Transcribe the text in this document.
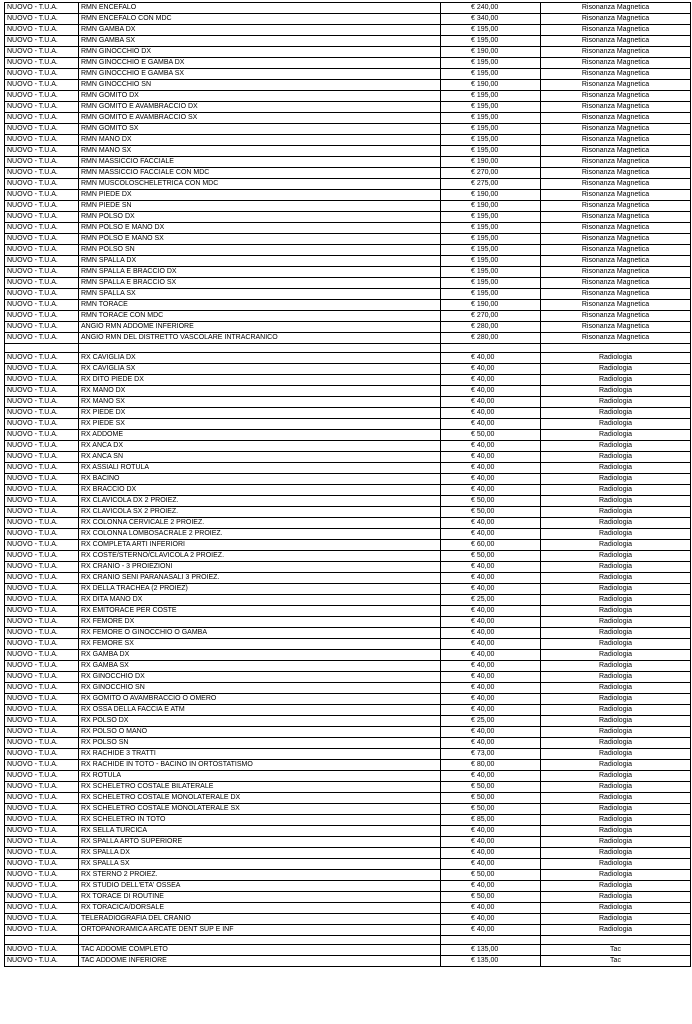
NUOVO - T.U.A.	RMN ENCEFALO	€ 240,00	Risonanza Magnetica
NUOVO - T.U.A.	RMN ENCEFALO CON MDC	€ 340,00	Risonanza Magnetica
NUOVO - T.U.A.	RMN GAMBA DX	€ 195,00	Risonanza Magnetica
NUOVO - T.U.A.	RMN GAMBA SX	€ 195,00	Risonanza Magnetica
NUOVO - T.U.A.	RMN GINOCCHIO DX	€ 190,00	Risonanza Magnetica
NUOVO - T.U.A.	RMN GINOCCHIO E GAMBA DX	€ 195,00	Risonanza Magnetica
NUOVO - T.U.A.	RMN GINOCCHIO E GAMBA SX	€ 195,00	Risonanza Magnetica
NUOVO - T.U.A.	RMN GINOCCHIO SN	€ 190,00	Risonanza Magnetica
NUOVO - T.U.A.	RMN GOMITO DX	€ 195,00	Risonanza Magnetica
NUOVO - T.U.A.	RMN GOMITO E AVAMBRACCIO DX	€ 195,00	Risonanza Magnetica
NUOVO - T.U.A.	RMN GOMITO E AVAMBRACCIO SX	€ 195,00	Risonanza Magnetica
NUOVO - T.U.A.	RMN GOMITO SX	€ 195,00	Risonanza Magnetica
NUOVO - T.U.A.	RMN MANO DX	€ 195,00	Risonanza Magnetica
NUOVO - T.U.A.	RMN MANO SX	€ 195,00	Risonanza Magnetica
NUOVO - T.U.A.	RMN MASSICCIO FACCIALE	€ 190,00	Risonanza Magnetica
NUOVO - T.U.A.	RMN MASSICCIO FACCIALE CON MDC	€ 270,00	Risonanza Magnetica
NUOVO - T.U.A.	RMN MUSCOLOSCHELETRICA CON MDC	€ 275,00	Risonanza Magnetica
NUOVO - T.U.A.	RMN PIEDE DX	€ 190,00	Risonanza Magnetica
NUOVO - T.U.A.	RMN PIEDE SN	€ 190,00	Risonanza Magnetica
NUOVO - T.U.A.	RMN POLSO DX	€ 195,00	Risonanza Magnetica
NUOVO - T.U.A.	RMN POLSO E MANO DX	€ 195,00	Risonanza Magnetica
NUOVO - T.U.A.	RMN POLSO E MANO SX	€ 195,00	Risonanza Magnetica
NUOVO - T.U.A.	RMN POLSO SN	€ 195,00	Risonanza Magnetica
NUOVO - T.U.A.	RMN SPALLA DX	€ 195,00	Risonanza Magnetica
NUOVO - T.U.A.	RMN SPALLA E BRACCIO DX	€ 195,00	Risonanza Magnetica
NUOVO - T.U.A.	RMN SPALLA E BRACCIO SX	€ 195,00	Risonanza Magnetica
NUOVO - T.U.A.	RMN SPALLA SX	€ 195,00	Risonanza Magnetica
NUOVO - T.U.A.	RMN TORACE	€ 190,00	Risonanza Magnetica
NUOVO - T.U.A.	RMN TORACE CON MDC	€ 270,00	Risonanza Magnetica
NUOVO - T.U.A.	ANGIO RMN ADDOME INFERIORE	€ 280,00	Risonanza Magnetica
NUOVO - T.U.A.	ANGIO RMN DEL DISTRETTO VASCOLARE INTRACRANICO	€ 280,00	Risonanza Magnetica

NUOVO - T.U.A.	RX CAVIGLIA DX	€ 40,00	Radiologia
NUOVO - T.U.A.	RX CAVIGLIA SX	€ 40,00	Radiologia
NUOVO - T.U.A.	RX DITO PIEDE DX	€ 40,00	Radiologia
NUOVO - T.U.A.	RX MANO DX	€ 40,00	Radiologia
NUOVO - T.U.A.	RX MANO SX	€ 40,00	Radiologia
NUOVO - T.U.A.	RX PIEDE DX	€ 40,00	Radiologia
NUOVO - T.U.A.	RX PIEDE SX	€ 40,00	Radiologia
NUOVO - T.U.A.	RX ADDOME	€ 50,00	Radiologia
NUOVO - T.U.A.	RX ANCA DX	€ 40,00	Radiologia
NUOVO - T.U.A.	RX ANCA SN	€ 40,00	Radiologia
NUOVO - T.U.A.	RX ASSIALI ROTULA	€ 40,00	Radiologia
NUOVO - T.U.A.	RX BACINO	€ 40,00	Radiologia
NUOVO - T.U.A.	RX BRACCIO DX	€ 40,00	Radiologia
NUOVO - T.U.A.	RX CLAVICOLA DX 2 PROIEZ.	€ 50,00	Radiologia
NUOVO - T.U.A.	RX CLAVICOLA SX 2 PROIEZ.	€ 50,00	Radiologia
NUOVO - T.U.A.	RX COLONNA CERVICALE 2 PROIEZ.	€ 40,00	Radiologia
NUOVO - T.U.A.	RX COLONNA LOMBOSACRALE 2 PROIEZ.	€ 40,00	Radiologia
NUOVO - T.U.A.	RX COMPLETA ARTI INFERIORI	€ 60,00	Radiologia
NUOVO - T.U.A.	RX COSTE/STERNO/CLAVICOLA 2 PROIEZ.	€ 50,00	Radiologia
NUOVO - T.U.A.	RX CRANIO - 3 PROIEZIONI	€ 40,00	Radiologia
NUOVO - T.U.A.	RX CRANIO SENI PARANASALI 3 PROIEZ.	€ 40,00	Radiologia
NUOVO - T.U.A.	RX DELLA TRACHEA (2 PROIEZ)	€ 40,00	Radiologia
NUOVO - T.U.A.	RX DITA MANO DX	€ 25,00	Radiologia
NUOVO - T.U.A.	RX EMITORACE PER COSTE	€ 40,00	Radiologia
NUOVO - T.U.A.	RX FEMORE DX	€ 40,00	Radiologia
NUOVO - T.U.A.	RX FEMORE O GINOCCHIO O GAMBA	€ 40,00	Radiologia
NUOVO - T.U.A.	RX FEMORE SX	€ 40,00	Radiologia
NUOVO - T.U.A.	RX GAMBA DX	€ 40,00	Radiologia
NUOVO - T.U.A.	RX GAMBA SX	€ 40,00	Radiologia
NUOVO - T.U.A.	RX GINOCCHIO DX	€ 40,00	Radiologia
NUOVO - T.U.A.	RX GINOCCHIO SN	€ 40,00	Radiologia
NUOVO - T.U.A.	RX GOMITO O AVAMBRACCIO O OMERO	€ 40,00	Radiologia
NUOVO - T.U.A.	RX OSSA DELLA FACCIA E ATM	€ 40,00	Radiologia
NUOVO - T.U.A.	RX POLSO DX	€ 25,00	Radiologia
NUOVO - T.U.A.	RX POLSO O MANO	€ 40,00	Radiologia
NUOVO - T.U.A.	RX POLSO SN	€ 40,00	Radiologia
NUOVO - T.U.A.	RX RACHIDE 3 TRATTI	€ 73,00	Radiologia
NUOVO - T.U.A.	RX RACHIDE IN TOTO - BACINO IN ORTOSTATISMO	€ 80,00	Radiologia
NUOVO - T.U.A.	RX ROTULA	€ 40,00	Radiologia
NUOVO - T.U.A.	RX SCHELETRO COSTALE BILATERALE	€ 50,00	Radiologia
NUOVO - T.U.A.	RX SCHELETRO COSTALE MONOLATERALE DX	€ 50,00	Radiologia
NUOVO - T.U.A.	RX SCHELETRO COSTALE MONOLATERALE SX	€ 50,00	Radiologia
NUOVO - T.U.A.	RX SCHELETRO IN TOTO	€ 85,00	Radiologia
NUOVO - T.U.A.	RX SELLA TURCICA	€ 40,00	Radiologia
NUOVO - T.U.A.	RX SPALLA ARTO SUPERIORE	€ 40,00	Radiologia
NUOVO - T.U.A.	RX SPALLA DX	€ 40,00	Radiologia
NUOVO - T.U.A.	RX SPALLA SX	€ 40,00	Radiologia
NUOVO - T.U.A.	RX STERNO 2 PROIEZ.	€ 50,00	Radiologia
NUOVO - T.U.A.	RX STUDIO DELL'ETA' OSSEA	€ 40,00	Radiologia
NUOVO - T.U.A.	RX TORACE DI ROUTINE	€ 50,00	Radiologia
NUOVO - T.U.A.	RX TORACICA/DORSALE	€ 40,00	Radiologia
NUOVO - T.U.A.	TELERADIOGRAFIA DEL CRANIO	€ 40,00	Radiologia
NUOVO - T.U.A.	ORTOPANORAMICA ARCATE DENT SUP E INF	€ 40,00	Radiologia

NUOVO - T.U.A.	TAC ADDOME COMPLETO	€ 135,00	Tac
NUOVO - T.U.A.	TAC ADDOME INFERIORE	€ 135,00	Tac
